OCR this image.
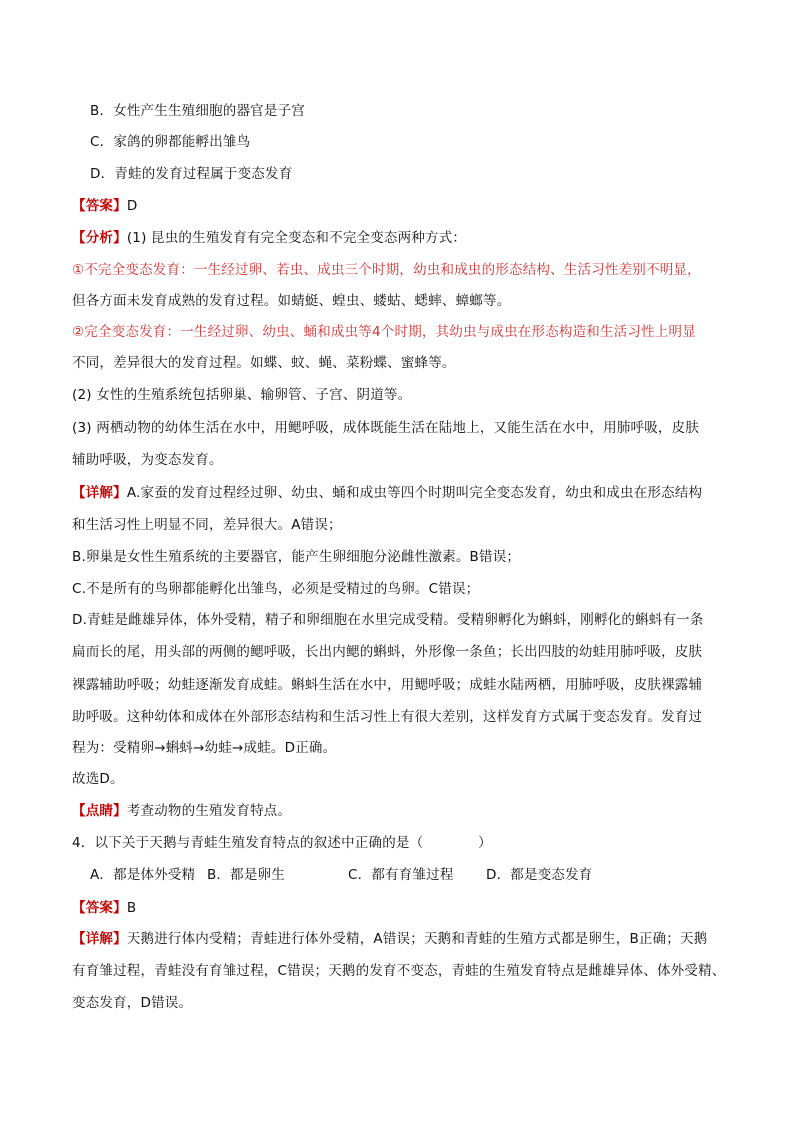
B．女性产生生殖细胞的器官是子宫
C．家鸽的卵都能孵出雏鸟
D．青蛙的发育过程属于变态发育
【答案】D
【分析】(1) 昆虫的生殖发育有完全变态和不完全变态两种方式：
①不完全变态发育：一生经过卵、若虫、成虫三个时期，幼虫和成虫的形态结构、生活习性差别不明显，
但各方面未发育成熟的发育过程。如蜻蜓、蝗虫、蝼蛄、蟋蟀、蟑螂等。
②完全变态发育：一生经过卵、幼虫、蛹和成虫等4个时期，其幼虫与成虫在形态构造和生活习性上明显
不同，差异很大的发育过程。如蝶、蚊、蝇、菜粉蝶、蜜蜂等。
(2) 女性的生殖系统包括卵巢、输卵管、子宫、阴道等。
(3) 两栖动物的幼体生活在水中，用鳃呼吸，成体既能生活在陆地上，又能生活在水中，用肺呼吸，皮肤
辅助呼吸，为变态发育。
【详解】A.家蚕的发育过程经过卵、幼虫、蛹和成虫等四个时期叫完全变态发育，幼虫和成虫在形态结构
和生活习性上明显不同，差异很大。A错误；
B.卵巢是女性生殖系统的主要器官，能产生卵细胞分泌雌性激素。B错误；
C.不是所有的鸟卵都能孵化出雏鸟，必须是受精过的鸟卵。C错误；
D.青蛙是雌雄异体，体外受精，精子和卵细胞在水里完成受精。受精卵孵化为蝌蚪，刚孵化的蝌蚪有一条
扁而长的尾，用头部的两侧的鳃呼吸，长出内鳃的蝌蚪，外形像一条鱼；长出四肢的幼蛙用肺呼吸，皮肤
裸露辅助呼吸；幼蛙逐渐发育成蛙。蝌蚪生活在水中，用鳃呼吸；成蛙水陆两栖，用肺呼吸，皮肤裸露辅
助呼吸。这种幼体和成体在外部形态结构和生活习性上有很大差别，这样发育方式属于变态发育。发育过
程为：受精卵→蝌蚪→幼蛙→成蛙。D正确。
故选D。
【点睛】考查动物的生殖发育特点。
4．以下关于天鹅与青蛙生殖发育特点的叙述中正确的是（　　　　）
A．都是体外受精 B．都是卵生	C．都有育雏过程 D．都是变态发育
【答案】B
【详解】天鹅进行体内受精；青蛙进行体外受精，A错误；天鹅和青蛙的生殖方式都是卵生，B正确；天鹅
有育雏过程，青蛙没有育雏过程，C错误；天鹅的发育不变态，青蛙的生殖发育特点是雌雄异体、体外受精、
变态发育，D错误。
